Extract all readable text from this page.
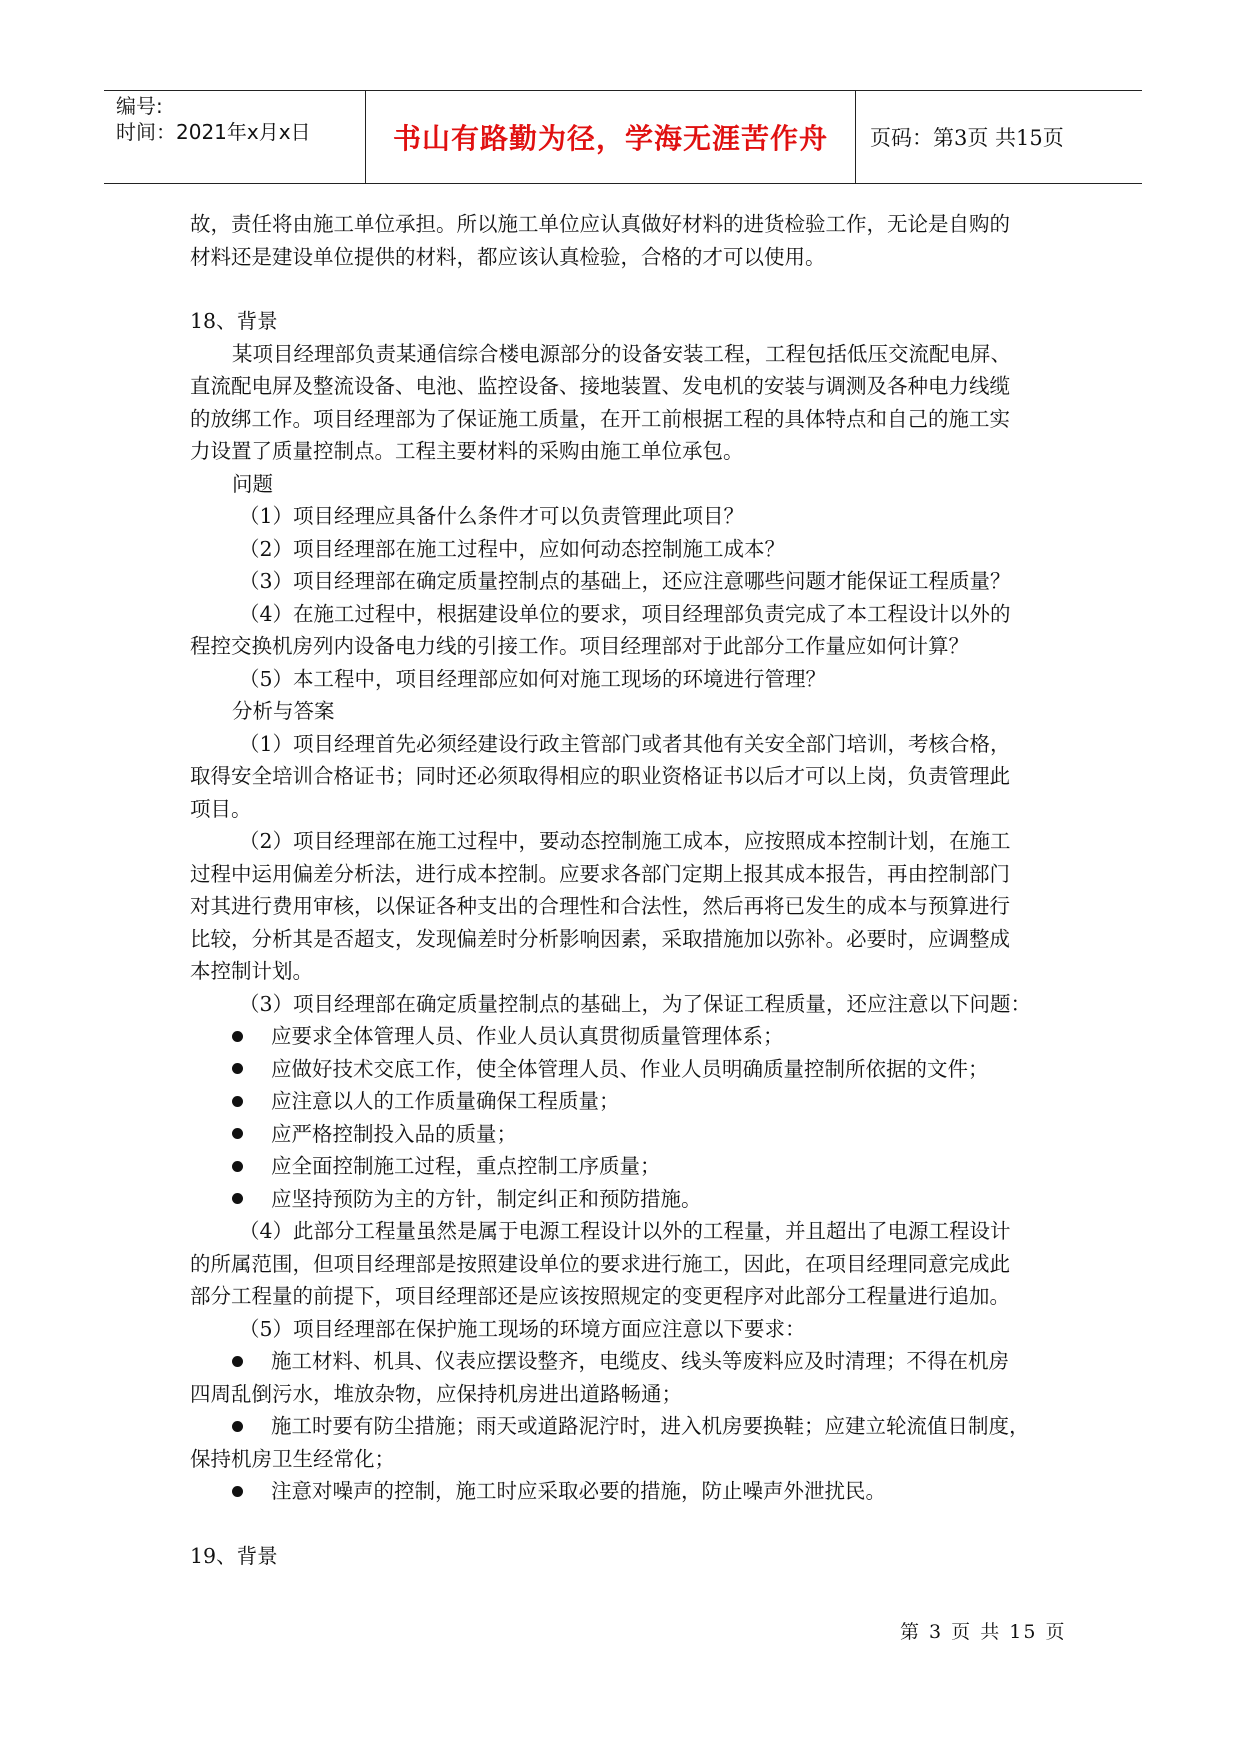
编号:
时间：2021年x月x日	书山有路勤为径，学海无涯苦作舟 页码：第3页 共15页
故，责任将由施工单位承担。所以施工单位应认真做好材料的进货检验工作，无论是自购的
材料还是建设单位提供的材料，都应该认真检验，合格的才可以使用。
18、背景
某项目经理部负责某通信综合楼电源部分的设备安装工程，工程包括低压交流配电屏、
直流配电屏及整流设备、电池、监控设备、接地装置、发电机的安装与调测及各种电力线缆
的放绑工作。项目经理部为了保证施工质量，在开工前根据工程的具体特点和自己的施工实
力设置了质量控制点。工程主要材料的采购由施工单位承包。
问题
（1）项目经理应具备什么条件才可以负责管理此项目？
（2）项目经理部在施工过程中，应如何动态控制施工成本？
（3）项目经理部在确定质量控制点的基础上，还应注意哪些问题才能保证工程质量？
（4）在施工过程中，根据建设单位的要求，项目经理部负责完成了本工程设计以外的
程控交换机房列内设备电力线的引接工作。项目经理部对于此部分工作量应如何计算？
（5）本工程中，项目经理部应如何对施工现场的环境进行管理？
分析与答案
（1）项目经理首先必须经建设行政主管部门或者其他有关安全部门培训，考核合格，
取得安全培训合格证书；同时还必须取得相应的职业资格证书以后才可以上岗，负责管理此
项目。
（2）项目经理部在施工过程中，要动态控制施工成本，应按照成本控制计划，在施工
过程中运用偏差分析法，进行成本控制。应要求各部门定期上报其成本报告，再由控制部门
对其进行费用审核，以保证各种支出的合理性和合法性，然后再将已发生的成本与预算进行
比较，分析其是否超支，发现偏差时分析影响因素，采取措施加以弥补。必要时，应调整成
本控制计划。
（3）项目经理部在确定质量控制点的基础上，为了保证工程质量，还应注意以下问题：
应要求全体管理人员、作业人员认真贯彻质量管理体系；
应做好技术交底工作，使全体管理人员、作业人员明确质量控制所依据的文件；
应注意以人的工作质量确保工程质量；
应严格控制投入品的质量；
应全面控制施工过程，重点控制工序质量；
应坚持预防为主的方针，制定纠正和预防措施。
（4）此部分工程量虽然是属于电源工程设计以外的工程量，并且超出了电源工程设计
的所属范围，但项目经理部是按照建设单位的要求进行施工，因此，在项目经理同意完成此
部分工程量的前提下，项目经理部还是应该按照规定的变更程序对此部分工程量进行追加。
（5）项目经理部在保护施工现场的环境方面应注意以下要求：
施工材料、机具、仪表应摆设整齐，电缆皮、线头等废料应及时清理；不得在机房
四周乱倒污水，堆放杂物，应保持机房进出道路畅通；
施工时要有防尘措施；雨天或道路泥泞时，进入机房要换鞋；应建立轮流值日制度，
保持机房卫生经常化；
注意对噪声的控制，施工时应采取必要的措施，防止噪声外泄扰民。
19、背景
第 3 页 共 15 页
